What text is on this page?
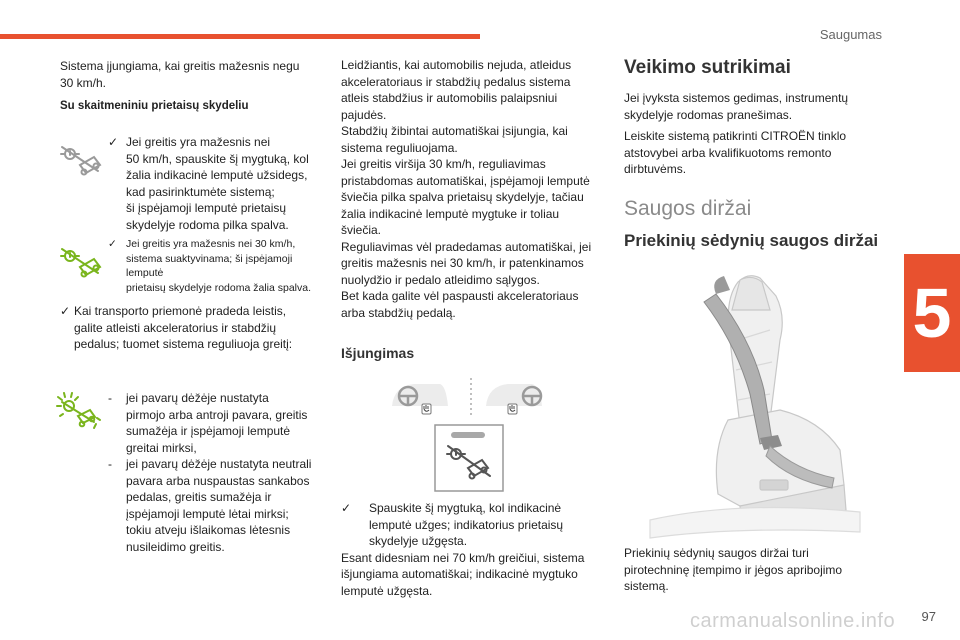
Saugumas
97
5
Sistema įjungiama, kai greitis mažesnis negu 30 km/h.
Su skaitmeniniu prietaisų skydeliu
✓ Jei greitis yra mažesnis nei
50 km/h, spauskite šį mygtuką, kol
žalia indikacinė lemputė užsidegs,
kad pasirinktumėte sistemą;
ši įspėjamoji lemputė prietaisų
skydelyje rodoma pilka spalva.
✓ Jei greitis yra mažesnis nei 30 km/h,
sistema suaktyvinama; ši įspėjamoji lemputė
prietaisų skydelyje rodoma žalia spalva.
✓ Kai transporto priemonė pradeda leistis,
galite atleisti akceleratorius ir stabdžių
pedalus; tuomet sistema reguliuoja greitį:
- jei pavarų dėžėje nustatyta
pirmojo arba antroji pavara, greitis
sumažėja ir įspėjamoji lemputė
greitai mirksi,
- jei pavarų dėžėje nustatyta neutrali
pavara arba nuspaustas sankabos
pedalas, greitis sumažėja ir
įspėjamoji lemputė lėtai mirksi;
tokiu atveju išlaikomas lėtesnis
nusileidimo greitis.
Leidžiantis, kai automobilis nejuda, atleidus
akceleratoriaus ir stabdžių pedalus sistema
atleis stabdžius ir automobilis palaipsniui
pajudės.
Stabdžių žibintai automatiškai įsijungia, kai
sistema reguliuojama.
Jei greitis viršija 30 km/h, reguliavimas
pristabdomas automatiškai, įspėjamoji lemputė
šviečia pilka spalva prietaisų skydelyje, tačiau
žalia indikacinė lemputė mygtuke ir toliau
šviečia.
Reguliavimas vėl pradedamas automatiškai, jei
greitis mažesnis nei 30 km/h, ir patenkinamos
nuolydžio ir pedalo atleidimo sąlygos.
Bet kada galite vėl paspausti akceleratoriaus
arba stabdžių pedalą.
Išjungimas
✓ Spauskite šį mygtuką, kol indikacinė
lemputė užges; indikatorius prietaisų
skydelyje užgęsta.
Esant didesniam nei 70 km/h greičiui, sistema
išjungiama automatiškai; indikacinė mygtuko
lemputė užgęsta.
Veikimo sutrikimai
Jei įvyksta sistemos gedimas, instrumentų
skydelyje rodomas pranešimas.
Leiskite sistemą patikrinti CITROËN tinklo
atstovybei arba kvalifikuotoms remonto
dirbtuvėms.
Saugos diržai
Priekinių sėdynių saugos diržai
Priekinių sėdynių saugos diržai turi
pirotechninę įtempimo ir jėgos apribojimo
sistemą.
carmanualsonline.info
